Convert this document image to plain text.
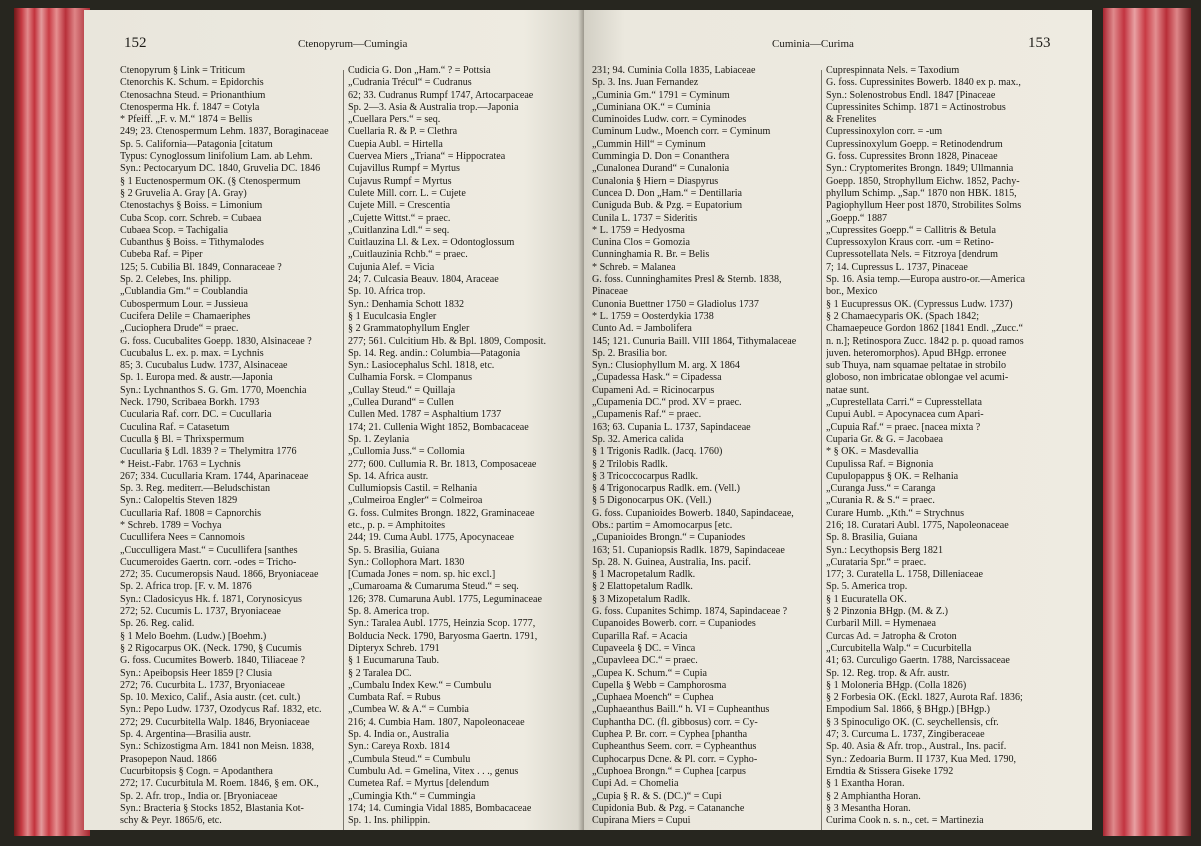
152	Ctenopyrum—Cumingia
Ctenopyrum § Link = Triticum
Ctenorchis K. Schum. = Epidorchis
Ctenosachna Steud. = Prionanthium
Ctenosperma Hk. f. 1847 = Cotyla
* Pfeiff. „F. v. M.“ 1874 = Bellis
249; 23. Ctenospermum Lehm. 1837, Boraginaceae
Sp. 5. California—Patagonia [citatum
Typus: Cynoglossum linifolium Lam. ab Lehm.
Syn.: Pectocaryum DC. 1840, Gruvelia DC. 1846
§ 1 Euctenospermum OK. (§ Ctenospermum
§ 2 Gruvelia A. Gray [A. Gray)
Ctenostachys § Boiss. = Limonium
Cuba Scop. corr. Schreb. = Cubaea
Cubaea Scop. = Tachigalia
Cubanthus § Boiss. = Tithymalodes
Cubeba Raf. = Piper
125; 5. Cubilia Bl. 1849, Connaraceae ?
Sp. 2. Celebes, Ins. philipp.
„Cublandia Gm.“ = Coublandia
Cubospermum Lour. = Jussieua
Cucifera Delile = Chamaeriphes
„Cuciophera Drude“ = praec.
G. foss. Cucubalites Goepp. 1830, Alsinaceae ?
Cucubalus L. ex. p. max. = Lychnis
85; 3. Cucubalus Ludw. 1737, Alsinaceae
Sp. 1. Europa med. & austr.—Japonia
Syn.: Lychnanthos S. G. Gm. 1770, Moenchia
Neck. 1790, Scribaea Borkh. 1793
Cucularia Raf. corr. DC. = Cucullaria
Cuculina Raf. = Catasetum
Cuculla § Bl. = Thrixspermum
Cucullaria § Ldl. 1839 ? = Thelymitra 1776
* Heist.-Fabr. 1763 = Lychnis
267; 334. Cucullaria Kram. 1744, Aparinaceae
Sp. 3. Reg. mediterr.—Beludschistan
Syn.: Calopeltis Steven 1829
Cucullaria Raf. 1808 = Capnorchis
* Schreb. 1789 = Vochya
Cucullifera Nees = Cannomois
„Cucculligera Mast.“ = Cucullifera [santhes
Cucumeroides Gaertn. corr. -odes = Tricho-
272; 35. Cucumeropsis Naud. 1866, Bryoniaceae
Sp. 2. Africa trop. [F. v. M. 1876
Syn.: Cladosicyus Hk. f. 1871, Corynosicyus
272; 52. Cucumis L. 1737, Bryoniaceae
Sp. 26. Reg. calid.
§ 1 Melo Boehm. (Ludw.) [Boehm.)
§ 2 Rigocarpus OK. (Neck. 1790, § Cucumis
G. foss. Cucumites Bowerb. 1840, Tiliaceae ?
Syn.: Apeibopsis Heer 1859 [? Clusia
272; 76. Cucurbita L. 1737, Bryoniaceae
Sp. 10. Mexico, Calif., Asia austr. (cet. cult.)
Syn.: Pepo Ludw. 1737, Ozodycus Raf. 1832, etc.
272; 29. Cucurbitella Walp. 1846, Bryoniaceae
Sp. 4. Argentina—Brasilia austr.
Syn.: Schizostigma Arn. 1841 non Meisn. 1838,
Prasopepon Naud. 1866
Cucurbitopsis § Cogn. = Apodanthera
272; 17. Cucurbitula M. Roem. 1846, § em. OK.,
Sp. 2. Afr. trop., India or. [Bryoniaceae
Syn.: Bracteria § Stocks 1852, Blastania Kot-
schy & Peyr. 1865/6, etc.
Cudicia G. Don „Ham.“ ? = Pottsia
„Cudrania Trécul“ = Cudranus
62; 33. Cudranus Rumpf 1747, Artocarpaceae
Sp. 2—3. Asia & Australia trop.—Japonia
„Cuellara Pers.“ = seq.
Cuellaria R. & P. = Clethra
Cuepia Aubl. = Hirtella
Cuervea Miers „Triana“ = Hippocratea
Cujavillus Rumpf = Myrtus
Cujavus Rumpf = Myrtus
Culete Mill. corr. L. = Cujete
Cujete Mill. = Crescentia
„Cujette Wittst.“ = praec.
„Cuitlanzina Ldl.“ = seq.
Cuitlauzina Ll. & Lex. = Odontoglossum
„Cuitlauzinia Rchb.“ = praec.
Cujunia Alef. = Vicia
24; 7. Culcasia Beauv. 1804, Araceae
Sp. 10. Africa trop.
Syn.: Denhamia Schott 1832
§ 1 Euculcasia Engler
§ 2 Grammatophyllum Engler
277; 561. Culcitium Hb. & Bpl. 1809, Composit.
Sp. 14. Reg. andin.: Columbia—Patagonia
Syn.: Lasiocephalus Schl. 1818, etc.
Culhamia Forsk. = Clompanus
„Cullay Steud.“ = Quillaja
„Cullea Durand“ = Cullen
Cullen Med. 1787 = Asphaltium 1737
174; 21. Cullenia Wight 1852, Bombacaceae
Sp. 1. Zeylania
„Cullomia Juss.“ = Collomia
277; 600. Cullumia R. Br. 1813, Composaceae
Sp. 14. Africa austr.
Cullumiopsis Castil. = Relhania
„Culmeiroa Engler“ = Colmeiroa
G. foss. Culmites Brongn. 1822, Graminaceae
etc., p. p. = Amphitoites
244; 19. Cuma Aubl. 1775, Apocynaceae
Sp. 5. Brasilia, Guiana
Syn.: Collophora Mart. 1830
[Cumada Jones = nom. sp. hic excl.]
„Cumaroama & Cumaruma Steud.“ = seq.
126; 378. Cumaruna Aubl. 1775, Leguminaceae
Sp. 8. America trop.
Syn.: Taralea Aubl. 1775, Heinzia Scop. 1777,
Bolducia Neck. 1790, Baryosma Gaertn. 1791,
Dipteryx Schreb. 1791
§ 1 Eucumaruna Taub.
§ 2 Taralea DC.
„Cumbalu Index Kew.“ = Cumbulu
Cumbata Raf. = Rubus
„Cumbea W. & A.“ = Cumbia
216; 4. Cumbia Ham. 1807, Napoleonaceae
Sp. 4. India or., Australia
Syn.: Careya Roxb. 1814
„Cumbula Steud.“ = Cumbulu
Cumbulu Ad. = Gmelina, Vitex . . ., genus
Cumetea Raf. = Myrtus [delendum
„Cumingia Kth.“ = Cummingia
174; 14. Cumingia Vidal 1885, Bombacaceae
Sp. 1. Ins. philippin.
Cuminia—Curima	153
231; 94. Cuminia Colla 1835, Labiaceae
Sp. 3. Ins. Juan Fernandez
„Cuminia Gm.“ 1791 = Cyminum
„Cuminiana OK.“ = Cuminia
Cuminoides Ludw. corr. = Cyminodes
Cuminum Ludw., Moench corr. = Cyminum
„Cummin Hill“ = Cyminum
Cummingia D. Don = Conanthera
„Cunalonea Durand“ = Cunalonia
Cunalonia § Hiern = Diaspyrus
Cuncea D. Don „Ham.“ = Dentillaria
Cuniguda Bub. & Pzg. = Eupatorium
Cunila L. 1737 = Sideritis
* L. 1759 = Hedyosma
Cunina Clos = Gomozia
Cunninghamia R. Br. = Belis
* Schreb. = Malanea
G. foss. Cunninghamites Presl & Sternb. 1838,
Pinaceae
Cunonia Buettner 1750 = Gladiolus 1737
* L. 1759 = Oosterdykia 1738
Cunto Ad. = Jambolifera
145; 121. Cunuria Baill. VIII 1864, Tithymalaceae
Sp. 2. Brasilia bor.
Syn.: Clusiophyllum M. arg. X 1864
„Cupadessa Hask.“ = Cipadessa
Cupameni Ad. = Ricinocarpus
„Cupamenia DC.“ prod. XV = praec.
„Cupamenis Raf.“ = praec.
163; 63. Cupania L. 1737, Sapindaceae
Sp. 32. America calida
§ 1 Trigonis Radlk. (Jacq. 1760)
§ 2 Trilobis Radlk.
§ 3 Tricoccocarpus Radlk.
§ 4 Trigonocarpus Radlk. em. (Vell.)
§ 5 Digonocarpus OK. (Vell.)
G. foss. Cupanioides Bowerb. 1840, Sapindaceae,
Obs.: partim = Amomocarpus [etc.
„Cupanioides Brongn.“ = Cupaniodes
163; 51. Cupaniopsis Radlk. 1879, Sapindaceae
Sp. 28. N. Guinea, Australia, Ins. pacif.
§ 1 Macropetalum Radlk.
§ 2 Elattopetalum Radlk.
§ 3 Mizopetalum Radlk.
G. foss. Cupanites Schimp. 1874, Sapindaceae ?
Cupanoides Bowerb. corr. = Cupaniodes
Cuparilla Raf. = Acacia
Cupaveela § DC. = Vinca
„Cupavleea DC.“ = praec.
„Cupea K. Schum.“ = Cupia
Cupella § Webb = Camphorosma
„Cuphaea Moench“ = Cuphea
„Cuphaeanthus Baill.“ h. VI = Cupheanthus
Cuphantha DC. (fl. gibbosus) corr. = Cy-
Cuphea P. Br. corr. = Cyphea [phantha
Cupheanthus Seem. corr. = Cypheanthus
Cuphocarpus Dcne. & Pl. corr. = Cypho-
„Cuphoea Brongn.“ = Cuphea [carpus
Cupi Ad. = Chomelia
„Cupia § R. & S. (DC.)“ = Cupi
Cupidonia Bub. & Pzg. = Catananche
Cupirana Miers = Cupui
Cuprespinnata Nels. = Taxodium
G. foss. Cupressinites Bowerb. 1840 ex p. max.,
Syn.: Solenostrobus Endl. 1847 [Pinaceae
Cupressinites Schimp. 1871 = Actinostrobus
& Frenelites
Cupressinoxylon corr. = -um
Cupressinoxylum Goepp. = Retinodendrum
G. foss. Cupressites Bronn 1828, Pinaceae
Syn.: Cryptomerites Brongn. 1849; Ullmannia
Goepp. 1850, Strophyllum Eichw. 1852, Pachy-
phyllum Schimp. „Sap.“ 1870 non HBK. 1815,
Pagiophyllum Heer post 1870, Strobilites Solms
„Goepp.“ 1887
„Cupressites Goepp.“ = Callitris & Betula
Cupressoxylon Kraus corr. -um = Retino-
Cupressotellata Nels. = Fitzroya [dendrum
7; 14. Cupressus L. 1737, Pinaceae
Sp. 16. Asia temp.—Europa austro-or.—America
bor., Mexico
§ 1 Eucupressus OK. (Cypressus Ludw. 1737)
§ 2 Chamaecyparis OK. (Spach 1842;
Chamaepeuce Gordon 1862 [1841 Endl. „Zucc.“
n. n.]; Retinospora Zucc. 1842 p. p. quoad ramos
juven. heteromorphos). Apud BHgp. erronee
sub Thuya, nam squamae peltatae in strobilo
globoso, non imbricatae oblongae vel acumi-
natae sunt.
„Cuprestellata Carri.“ = Cupresstellata
Cupui Aubl. = Apocynacea cum Apari-
„Cupuia Raf.“ = praec. [nacea mixta ?
Cuparia Gr. & G. = Jacobaea
* § OK. = Masdevallia
Cupulissa Raf. = Bignonia
Cupulopappus § OK. = Relhania
„Curanga Juss.“ = Caranga
„Curania R. & S.“ = praec.
Curare Humb. „Kth.“ = Strychnus
216; 18. Curatari Aubl. 1775, Napoleonaceae
Sp. 8. Brasilia, Guiana
Syn.: Lecythopsis Berg 1821
„Curataria Spr.“ = praec.
177; 3. Curatella L. 1758, Dilleniaceae
Sp. 5. America trop.
§ 1 Eucuratella OK.
§ 2 Pinzonia BHgp. (M. & Z.)
Curbaril Mill. = Hymenaea
Curcas Ad. = Jatropha & Croton
„Curcubitella Walp.“ = Cucurbitella
41; 63. Curculigo Gaertn. 1788, Narcissaceae
Sp. 12. Reg. trop. & Afr. austr.
§ 1 Moloneria BHgp. (Colla 1826)
§ 2 Forbesia OK. (Eckl. 1827, Aurota Raf. 1836;
Empodium Sal. 1866, § BHgp.) [BHgp.)
§ 3 Spinoculigo OK. (C. seychellensis, cfr.
47; 3. Curcuma L. 1737, Zingiberaceae
Sp. 40. Asia & Afr. trop., Austral., Ins. pacif.
Syn.: Zedoaria Burm. II 1737, Kua Med. 1790,
Erndtia & Stissera Giseke 1792
§ 1 Exantha Horan.
§ 2 Amphiantha Horan.
§ 3 Mesantha Horan.
Curima Cook n. s. n., cet. = Martinezia
